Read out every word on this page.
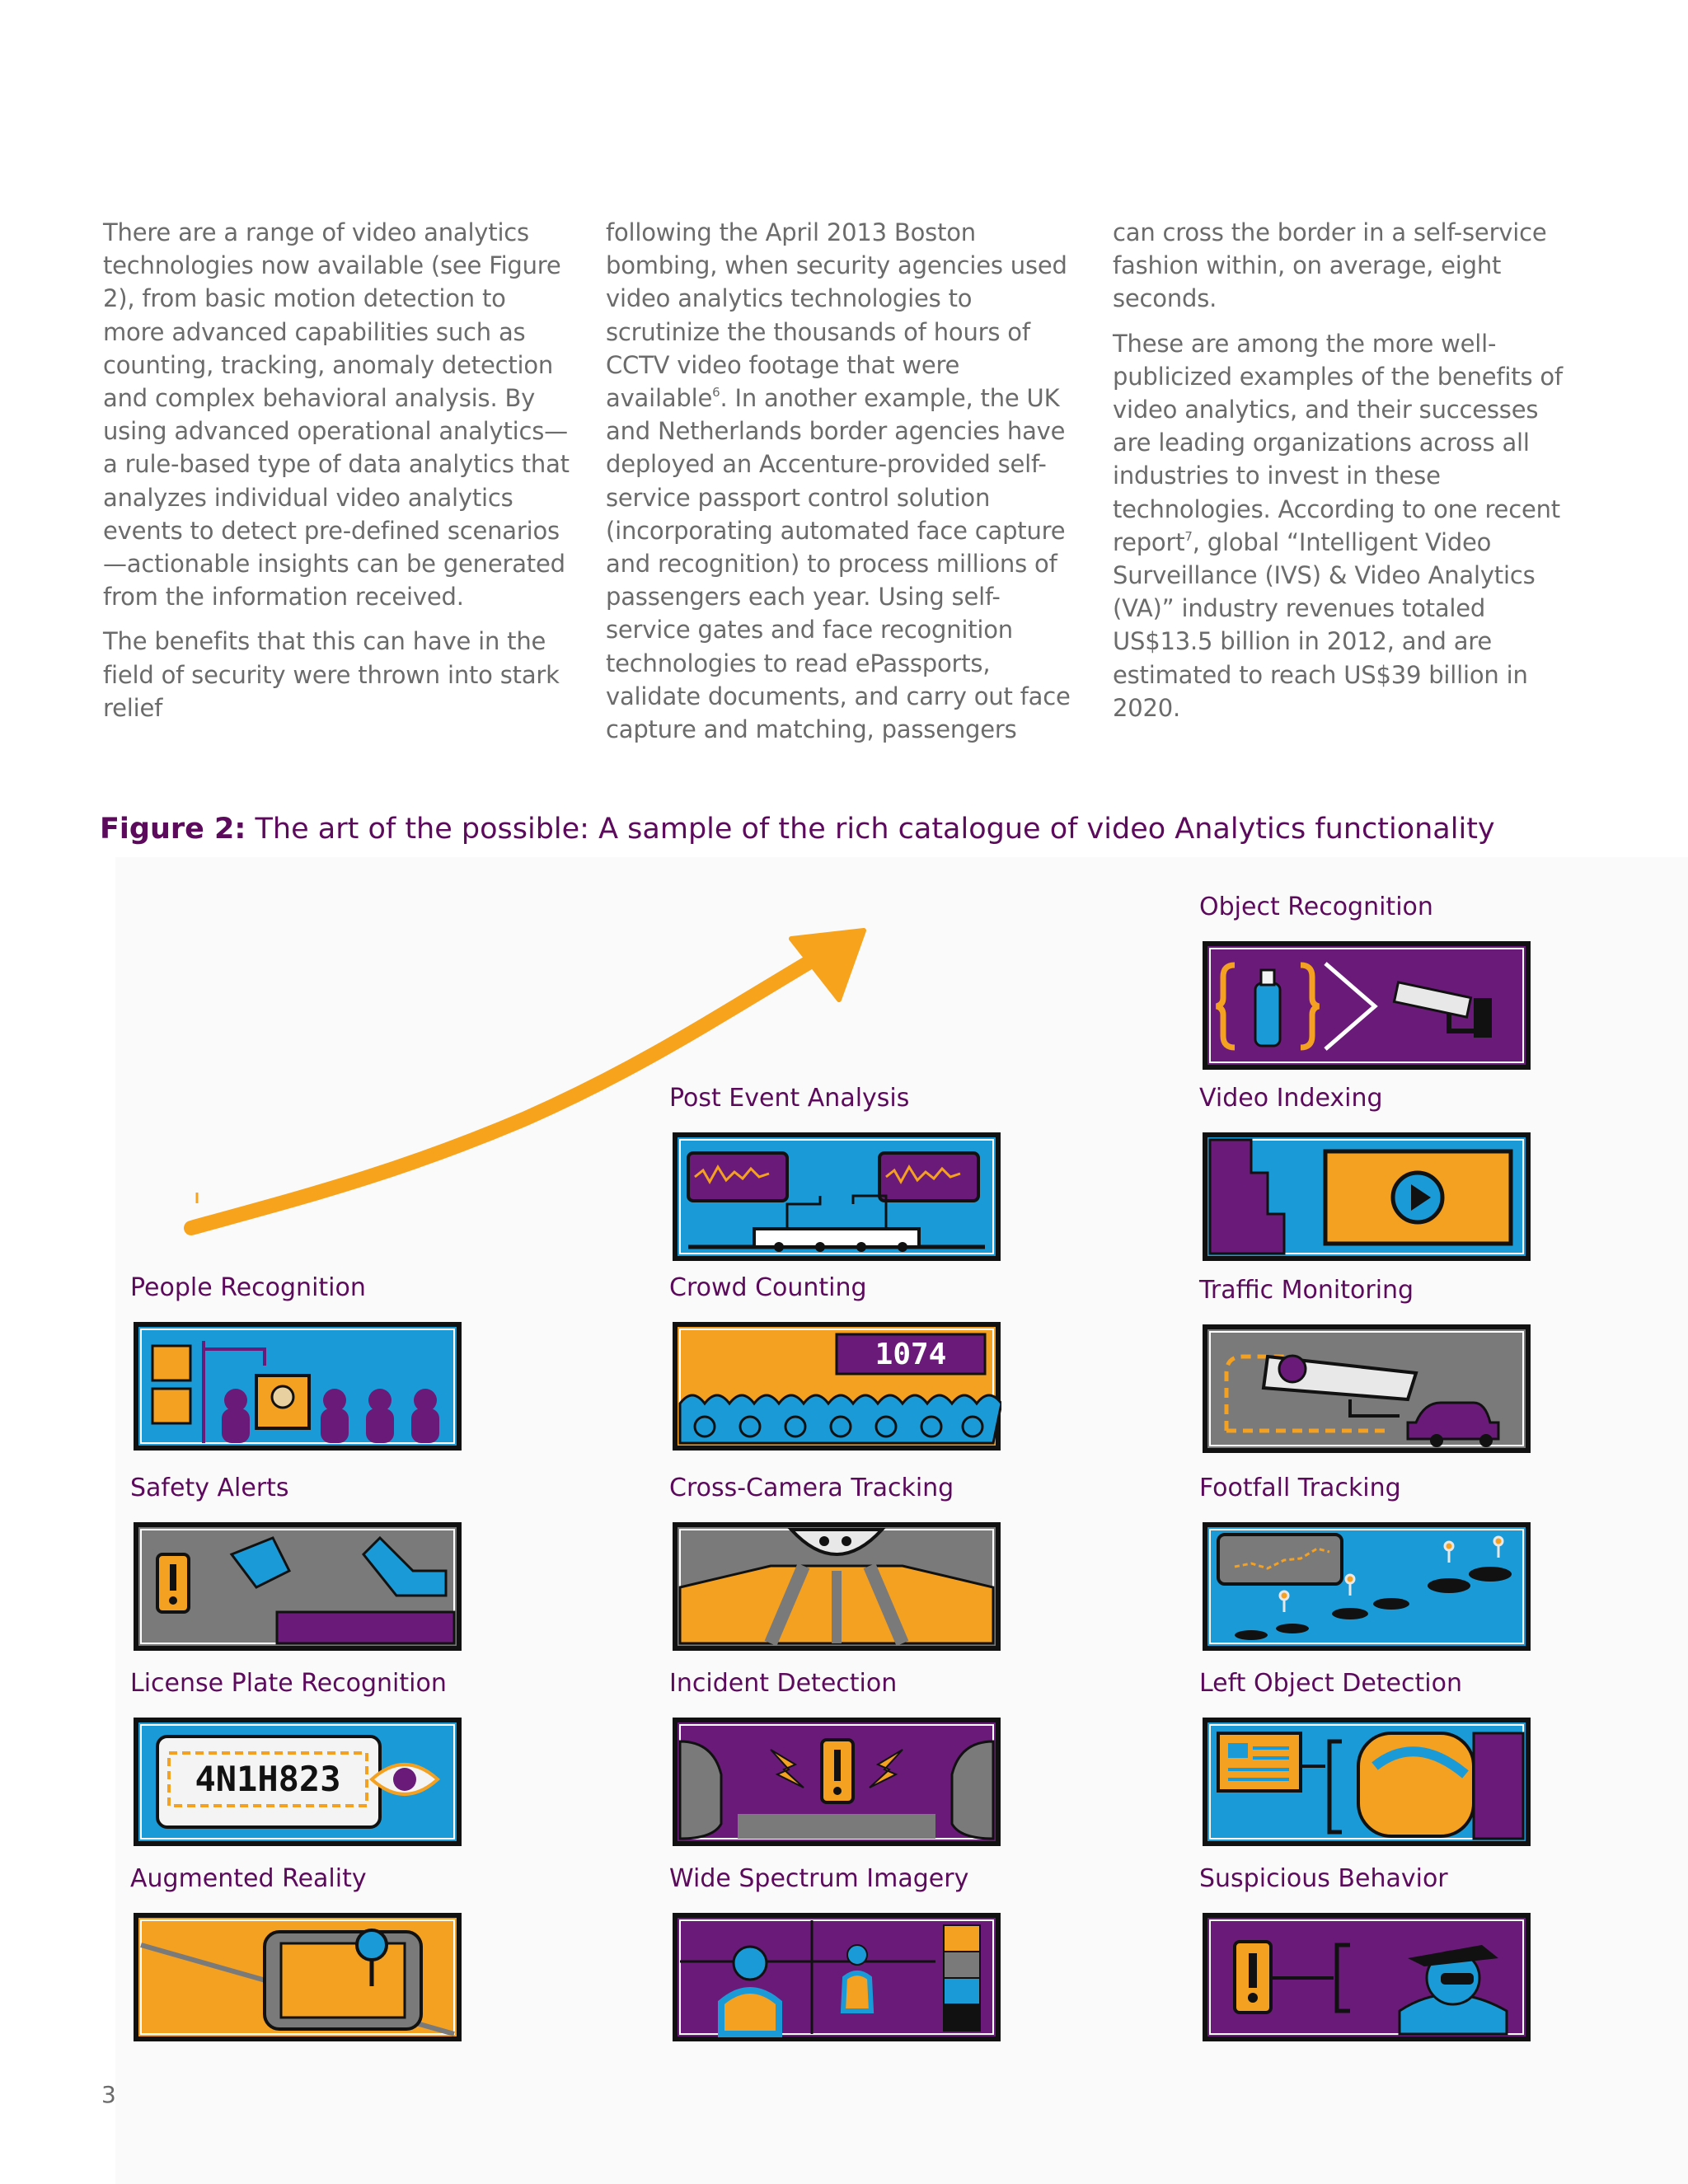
There are a range of video analytics technologies now available (see Figure 2), from basic motion detection to more advanced capabilities such as counting, tracking, anomaly detection and complex behavioral analysis. By using advanced operational analytics—a rule-based type of data analytics that analyzes individual video analytics events to detect pre-defined scenarios—actionable insights can be generated from the information received.

The benefits that this can have in the field of security were thrown into stark relief

following the April 2013 Boston bombing, when security agencies used video analytics technologies to scrutinize the thousands of hours of CCTV video footage that were available$^6$. In another example, the UK and Netherlands border agencies have deployed an Accenture-provided self-service passport control solution (incorporating automated face capture and recognition) to process millions of passengers each year. Using self-service gates and face recognition technologies to read ePassports, validate documents, and carry out face capture and matching, passengers

can cross the border in a self-service fashion within, on average, eight seconds.

These are among the more well-publicized examples of the benefits of video analytics, and their successes are leading organizations across all industries to invest in these technologies. According to one recent report$^7$, global “Intelligent Video Surveillance (IVS) & Video Analytics (VA)” industry revenues totaled US$13.5 billion in 2012, and are estimated to reach US$39 billion in 2020.

Figure 2: The art of the possible: A sample of the rich catalogue of video Analytics functionality
Object Recognition
Post Event Analysis	Video Indexing
People Recognition	Crowd Counting
1074
Traffic Monitoring
Safety Alerts	Cross-Camera Tracking	Footfall Tracking
License Plate Recognition
4N1H823
Incident Detection	Left Object Detection
Augmented Reality	Wide Spectrum Imagery	Suspicious Behavior
3
